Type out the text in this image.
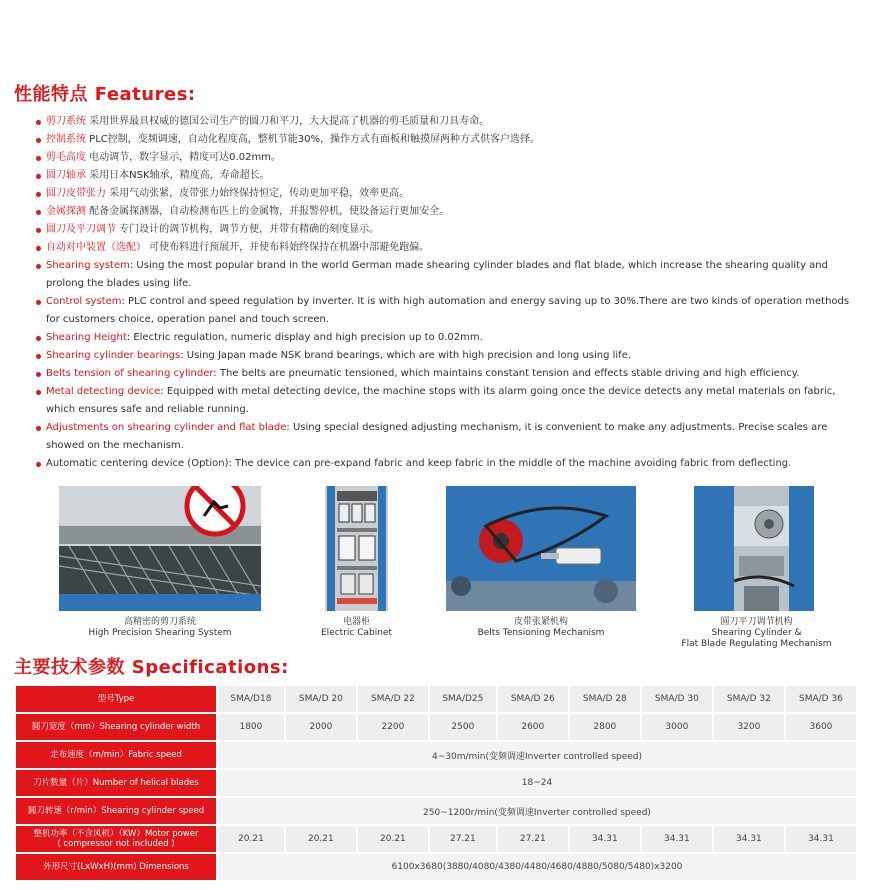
性能特点 Features:
剪刀系统 采用世界最具权威的德国公司生产的圆刀和平刀，大大提高了机器的剪毛质量和刀具寿命。
控制系统 PLC控制，变频调速，自动化程度高，整机节能30%，操作方式有面板和触摸屏两种方式供客户选择。
剪毛高度 电动调节，数字显示，精度可达0.02mm。
圆刀轴承 采用日本NSK轴承，精度高，寿命超长。
圆刀皮带张力 采用气动张紧，皮带张力始终保持恒定，传动更加平稳，效率更高。
金属探测 配备金属探测器，自动检测布匹上的金属物，并报警停机，使设备运行更加安全。
圆刀及平刀调节 专门设计的调节机构，调节方便，并带有精确的刻度显示。
自动对中装置（选配） 可使布料进行预展开，并使布料始终保持在机器中部避免跑偏。
Shearing system: Using the most popular brand in the world German made shearing cylinder blades and flat blade, which increase the shearing quality and prolong the blades using life.
Control system: PLC control and speed regulation by inverter. It is with high automation and energy saving up to 30%.There are two kinds of operation methods for customers choice, operation panel and touch screen.
Shearing Height: Electric regulation, numeric display and high precision up to 0.02mm.
Shearing cylinder bearings: Using Japan made NSK brand bearings, which are with high precision and long using life.
Belts tension of shearing cylinder: The belts are pneumatic tensioned, which maintains constant tension and effects stable driving and high efficiency.
Metal detecting device: Equipped with metal detecting device, the machine stops with its alarm going once the device detects any metal materials on fabric, which ensures safe and reliable running.
Adjustments on shearing cylinder and flat blade: Using special designed adjusting mechanism, it is convenient to make any adjustments. Precise scales are showed on the mechanism.
Automatic centering device (Option): The device can pre-expand fabric and keep fabric in the middle of the machine avoiding fabric from deflecting.
高精密的剪刀系统
High Precision Shearing System
电器柜
Electric Cabinet
皮带张紧机构
Belts Tensioning Mechanism
圆刀平刀调节机构
Shearing Cylinder &
Flat Blade Regulating Mechanism
主要技术参数 Specifications:
型号Type	SMA/D18	SMA/D 20	SMA/D 22	SMA/D25	SMA/D 26	SMA/D 28	SMA/D 30	SMA/D 32	SMA/D 36
圆刀宽度（mm）Shearing cylinder width	1800	2000	2200	2500	2600	2800	3000	3200	3600
走布速度（m/min）Fabric speed	4~30m/min(变频调速Inverter controlled speed)								
刀片数量（片）Number of helical blades	18~24								
圆刀转速（r/min）Shearing cylinder speed	250~1200r/min(变频调速Inverter controlled speed)								

整机功率（不含风机）（KW）Motor power
( compressor not included )	20.21	20.21	20.21	27.21	27.21	34.31	34.31	34.31	34.31
外形尺寸(LxWxH)(mm) Dimensions	6100x3680(3880/4080/4380/4480/4680/4880/5080/5480)x3200								
